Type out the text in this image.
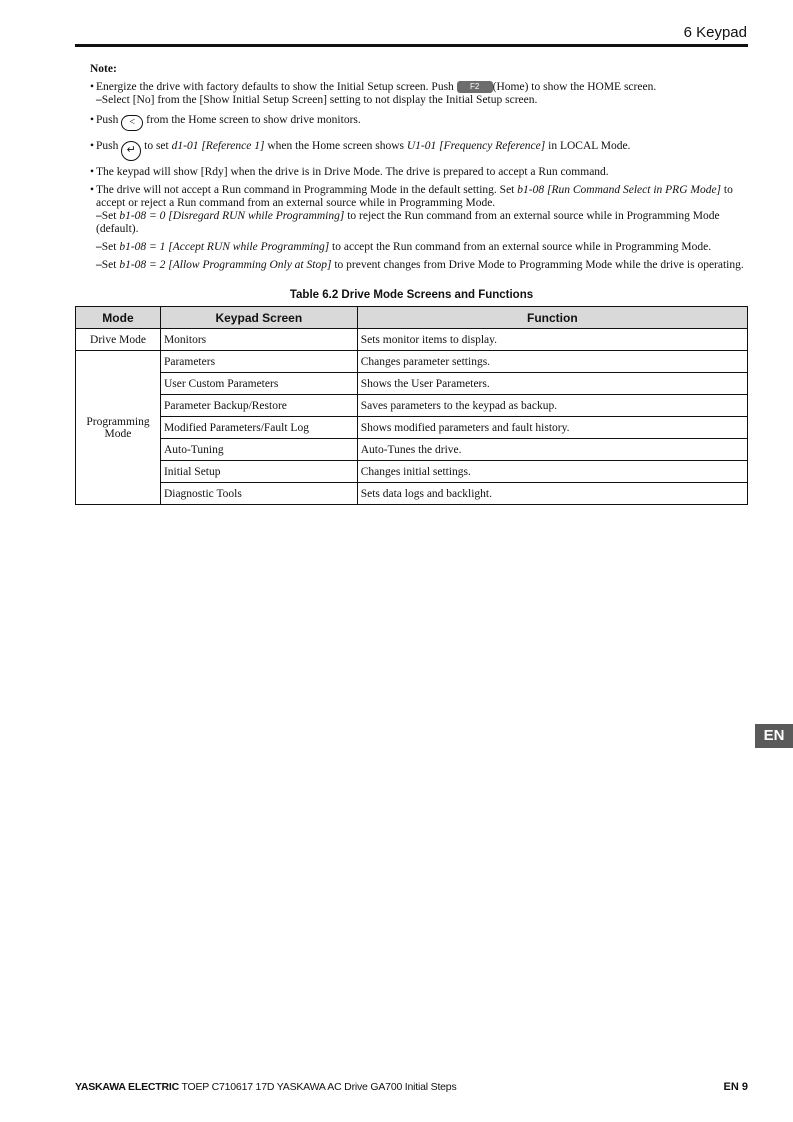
6 Keypad
Note:
• Energize the drive with factory defaults to show the Initial Setup screen. Push F2 (Home) to show the HOME screen.
–Select [No] from the [Show Initial Setup Screen] setting to not display the Initial Setup screen.
• Push < from the Home screen to show drive monitors.
• Push ↵ to set d1-01 [Reference 1] when the Home screen shows U1-01 [Frequency Reference] in LOCAL Mode.
• The keypad will show [Rdy] when the drive is in Drive Mode. The drive is prepared to accept a Run command.
• The drive will not accept a Run command in Programming Mode in the default setting. Set b1-08 [Run Command Select in PRG Mode] to accept or reject a Run command from an external source while in Programming Mode.
–Set b1-08 = 0 [Disregard RUN while Programming] to reject the Run command from an external source while in Programming Mode (default).
–Set b1-08 = 1 [Accept RUN while Programming] to accept the Run command from an external source while in Programming Mode.
–Set b1-08 = 2 [Allow Programming Only at Stop] to prevent changes from Drive Mode to Programming Mode while the drive is operating.
Table 6.2 Drive Mode Screens and Functions
Mode	Keypad Screen	Function
Drive Mode	Monitors	Sets monitor items to display.
Programming Mode	Parameters	Changes parameter settings.
	User Custom Parameters	Shows the User Parameters.
	Parameter Backup/Restore	Saves parameters to the keypad as backup.
	Modified Parameters/Fault Log	Shows modified parameters and fault history.
	Auto-Tuning	Auto-Tunes the drive.
	Initial Setup	Changes initial settings.
	Diagnostic Tools	Sets data logs and backlight.
EN
YASKAWA ELECTRIC TOEP C710617 17D YASKAWA AC Drive GA700 Initial Steps	EN 9
